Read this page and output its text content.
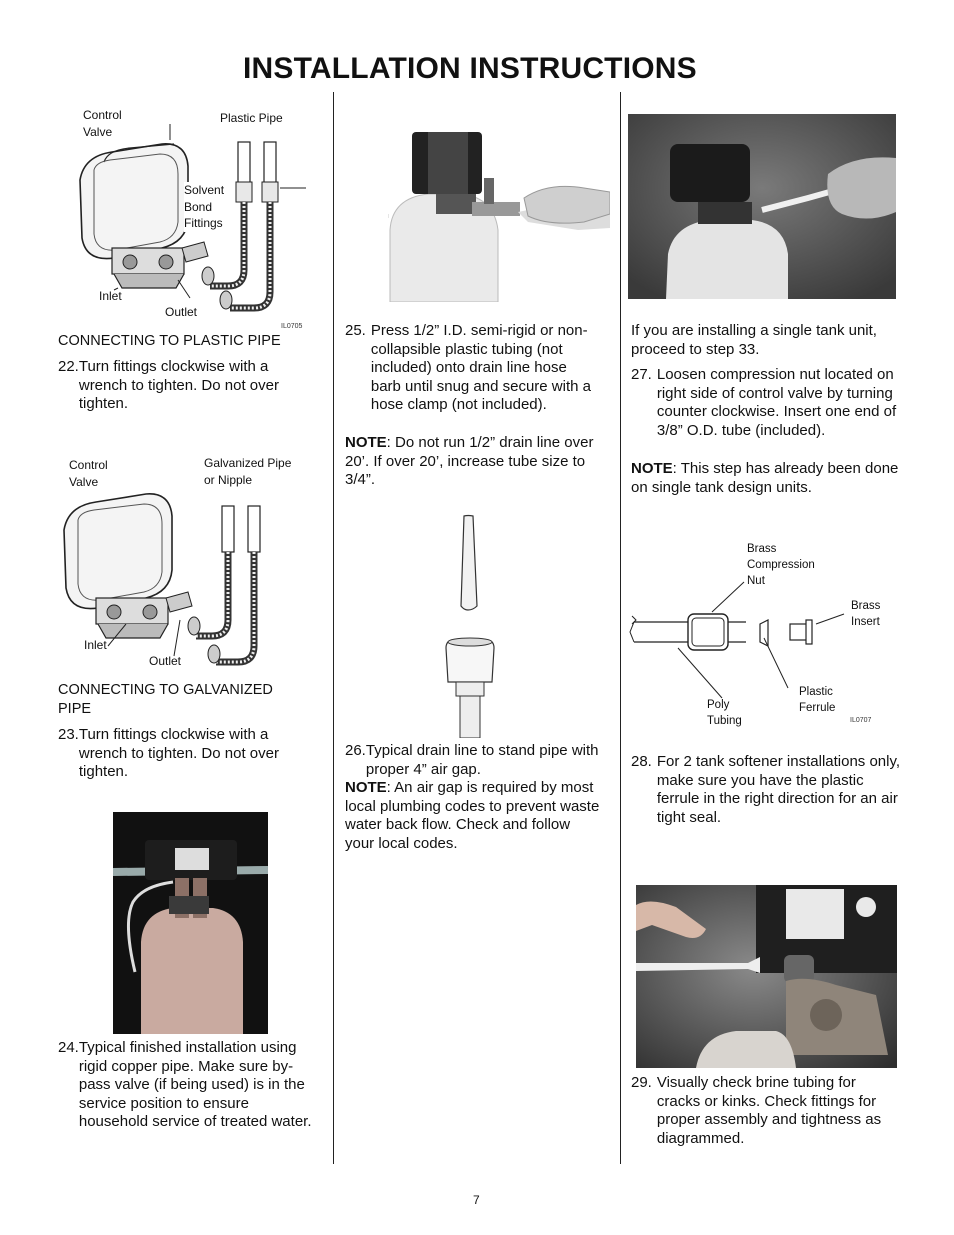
INSTALLATION INSTRUCTIONS
Control
Valve
Plastic Pipe
Solvent
Bond
Fittings
Inlet
Outlet
IL0705
CONNECTING TO PLASTIC PIPE
22. Turn fittings clockwise with a wrench to tighten. Do not over tighten.
Control
Valve
Galvanized Pipe
or Nipple
Inlet
Outlet
CONNECTING TO GALVANIZED PIPE
23. Turn fittings clockwise with a wrench to tighten. Do not over tighten.
24. Typical finished installation using rigid copper pipe. Make sure by-pass valve (if being used) is in the service position to ensure household service of treated water.
25. Press 1/2” I.D. semi-rigid or non-collapsible plastic tubing (not included) onto drain line hose barb until snug and secure with a hose clamp (not included).
NOTE: Do not run 1/2” drain line over 20’. If over 20’, increase tube size to 3/4”.
26. Typical drain line to stand pipe with proper 4” air gap.
NOTE: An air gap is required by most local plumbing codes to prevent waste water back flow. Check and follow your local codes.
If you are installing a single tank unit, proceed to step 33.
27. Loosen compression nut located on right side of control valve by turning counter clockwise. Insert one end of 3/8” O.D. tube (included).
NOTE: This step has already been done on single tank design units.
Brass
Compression
Nut
Brass
Insert
Poly
Tubing
Plastic
Ferrule
IL0707
28. For 2 tank softener installations only, make sure you have the plastic ferrule in the right direction for an air tight seal.
29. Visually check brine tubing for cracks or kinks. Check fittings for proper assembly and tightness as diagrammed.
7
